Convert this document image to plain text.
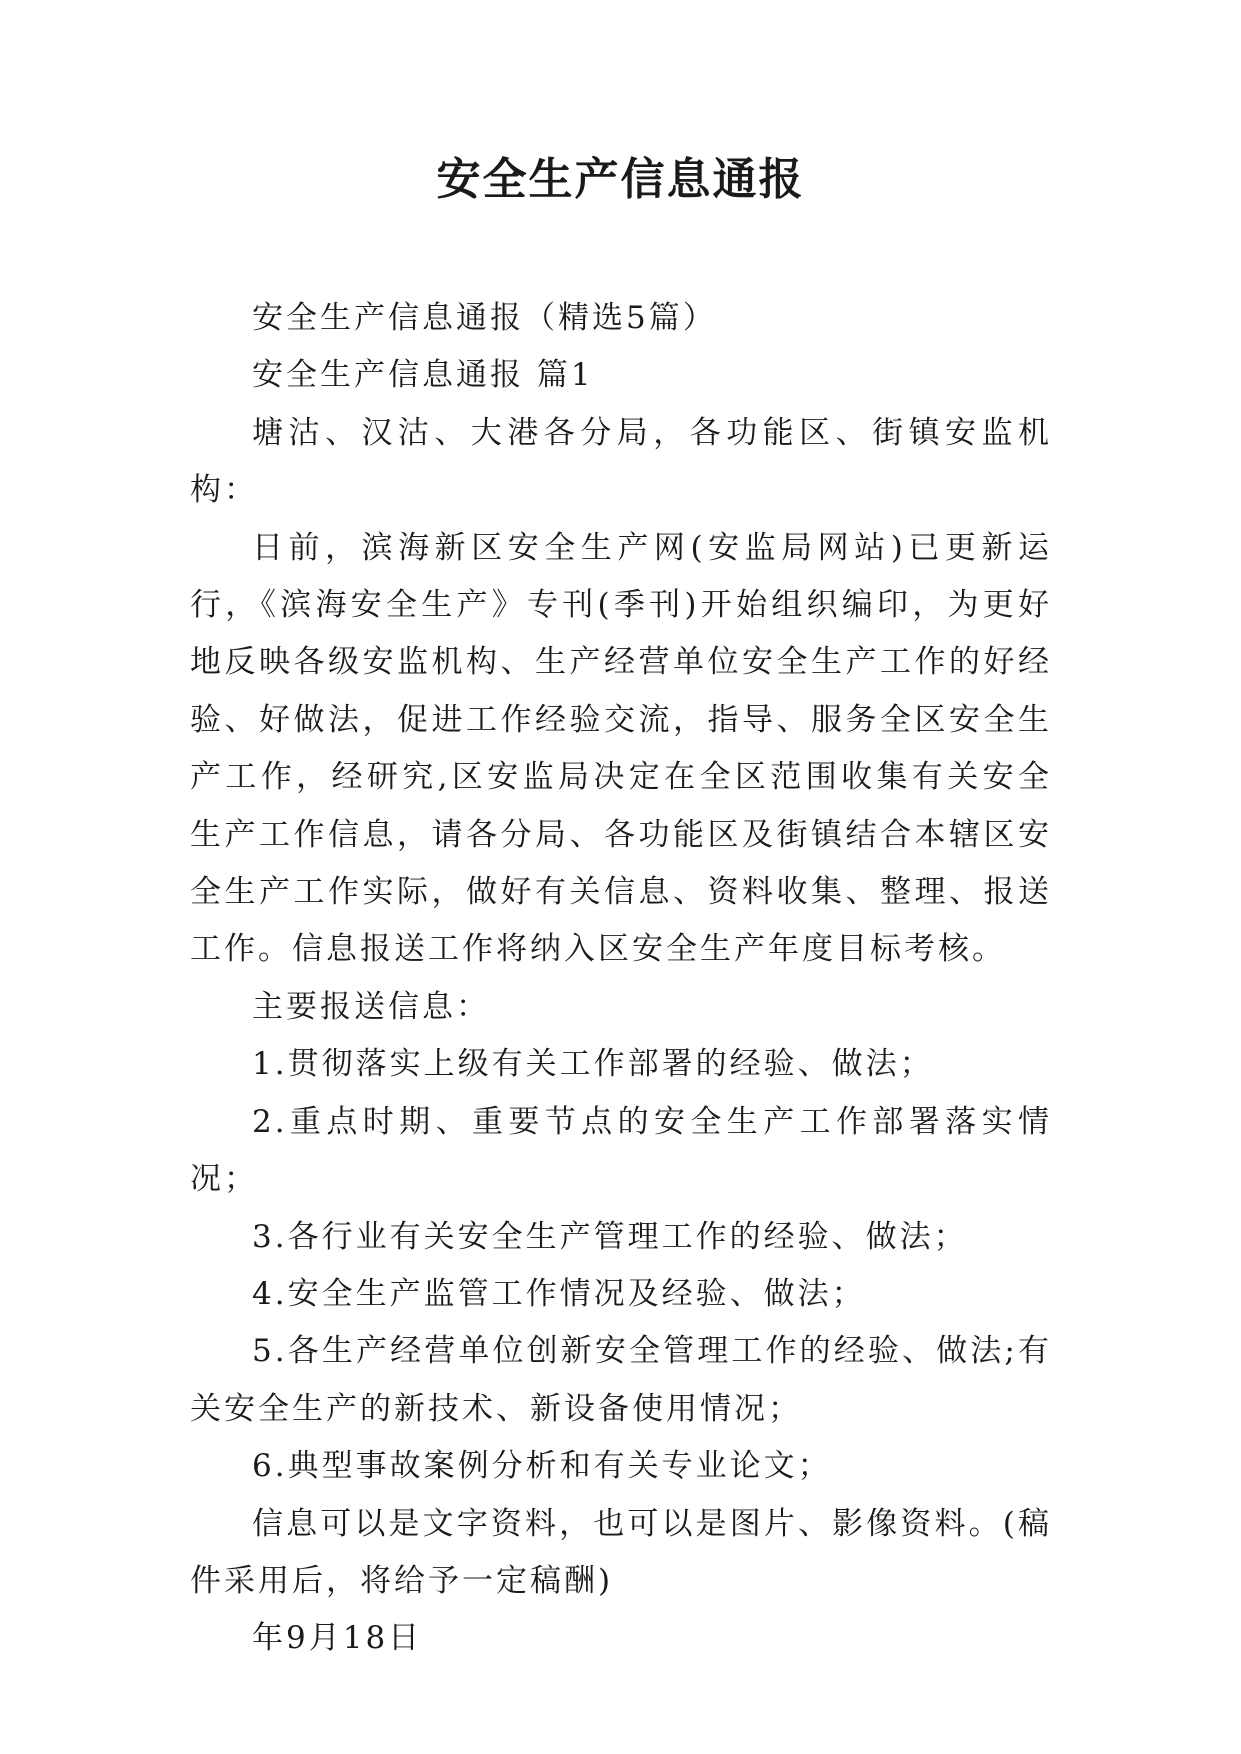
安全生产信息通报

安全生产信息通报（精选5篇）

安全生产信息通报 篇1

塘沽、汉沽、大港各分局，各功能区、街镇安监机构：

日前，滨海新区安全生产网(安监局网站)已更新运行，《滨海安全生产》专刊(季刊)开始组织编印，为更好地反映各级安监机构、生产经营单位安全生产工作的好经验、好做法，促进工作经验交流，指导、服务全区安全生产工作，经研究,区安监局决定在全区范围收集有关安全生产工作信息，请各分局、各功能区及街镇结合本辖区安全生产工作实际，做好有关信息、资料收集、整理、报送工作。信息报送工作将纳入区安全生产年度目标考核。

主要报送信息：

1.贯彻落实上级有关工作部署的经验、做法；

2.重点时期、重要节点的安全生产工作部署落实情况；

3.各行业有关安全生产管理工作的经验、做法；

4.安全生产监管工作情况及经验、做法；

5.各生产经营单位创新安全管理工作的经验、做法;有关安全生产的新技术、新设备使用情况；

6.典型事故案例分析和有关专业论文；

信息可以是文字资料，也可以是图片、影像资料。(稿件采用后，将给予一定稿酬)

年9月18日
